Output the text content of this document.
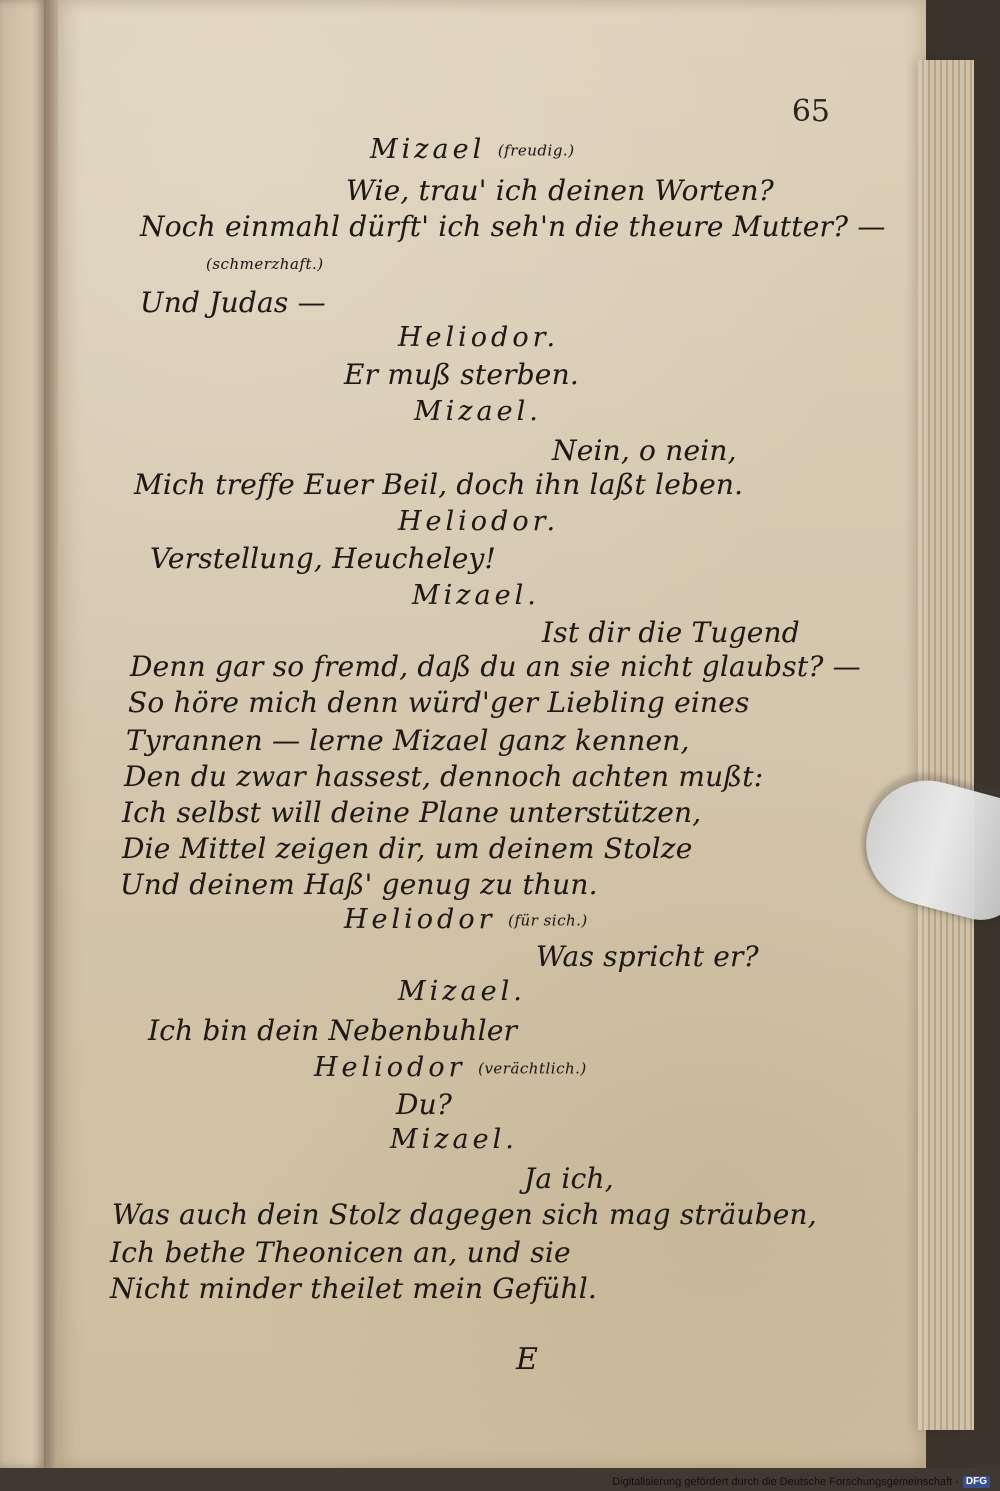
65
Mizael (freudig.)
Wie, trau' ich deinen Worten?
Noch einmahl dürft' ich seh'n die theure Mutter? —
(schmerzhaft.)
Und Judas —
Heliodor.
Er muß sterben.
Mizael.
Nein, o nein,
Mich treffe Euer Beil, doch ihn laßt leben.
Heliodor.
Verstellung, Heucheley!
Mizael.
Ist dir die Tugend
Denn gar so fremd, daß du an sie nicht glaubst? —
So höre mich denn würd'ger Liebling eines
Tyrannen — lerne Mizael ganz kennen,
Den du zwar hassest, dennoch achten mußt:
Ich selbst will deine Plane unterstützen,
Die Mittel zeigen dir, um deinem Stolze
Und deinem Haß' genug zu thun.
Heliodor (für sich.)
Was spricht er?
Mizael.
Ich bin dein Nebenbuhler
Heliodor (verächtlich.)
Du?
Mizael.
Ja ich,
Was auch dein Stolz dagegen sich mag sträuben,
Ich bethe Theonicen an, und sie
Nicht minder theilet mein Gefühl.
E
Digitalisierung gefördert durch die Deutsche Forschungsgemeinschaft - DFG
